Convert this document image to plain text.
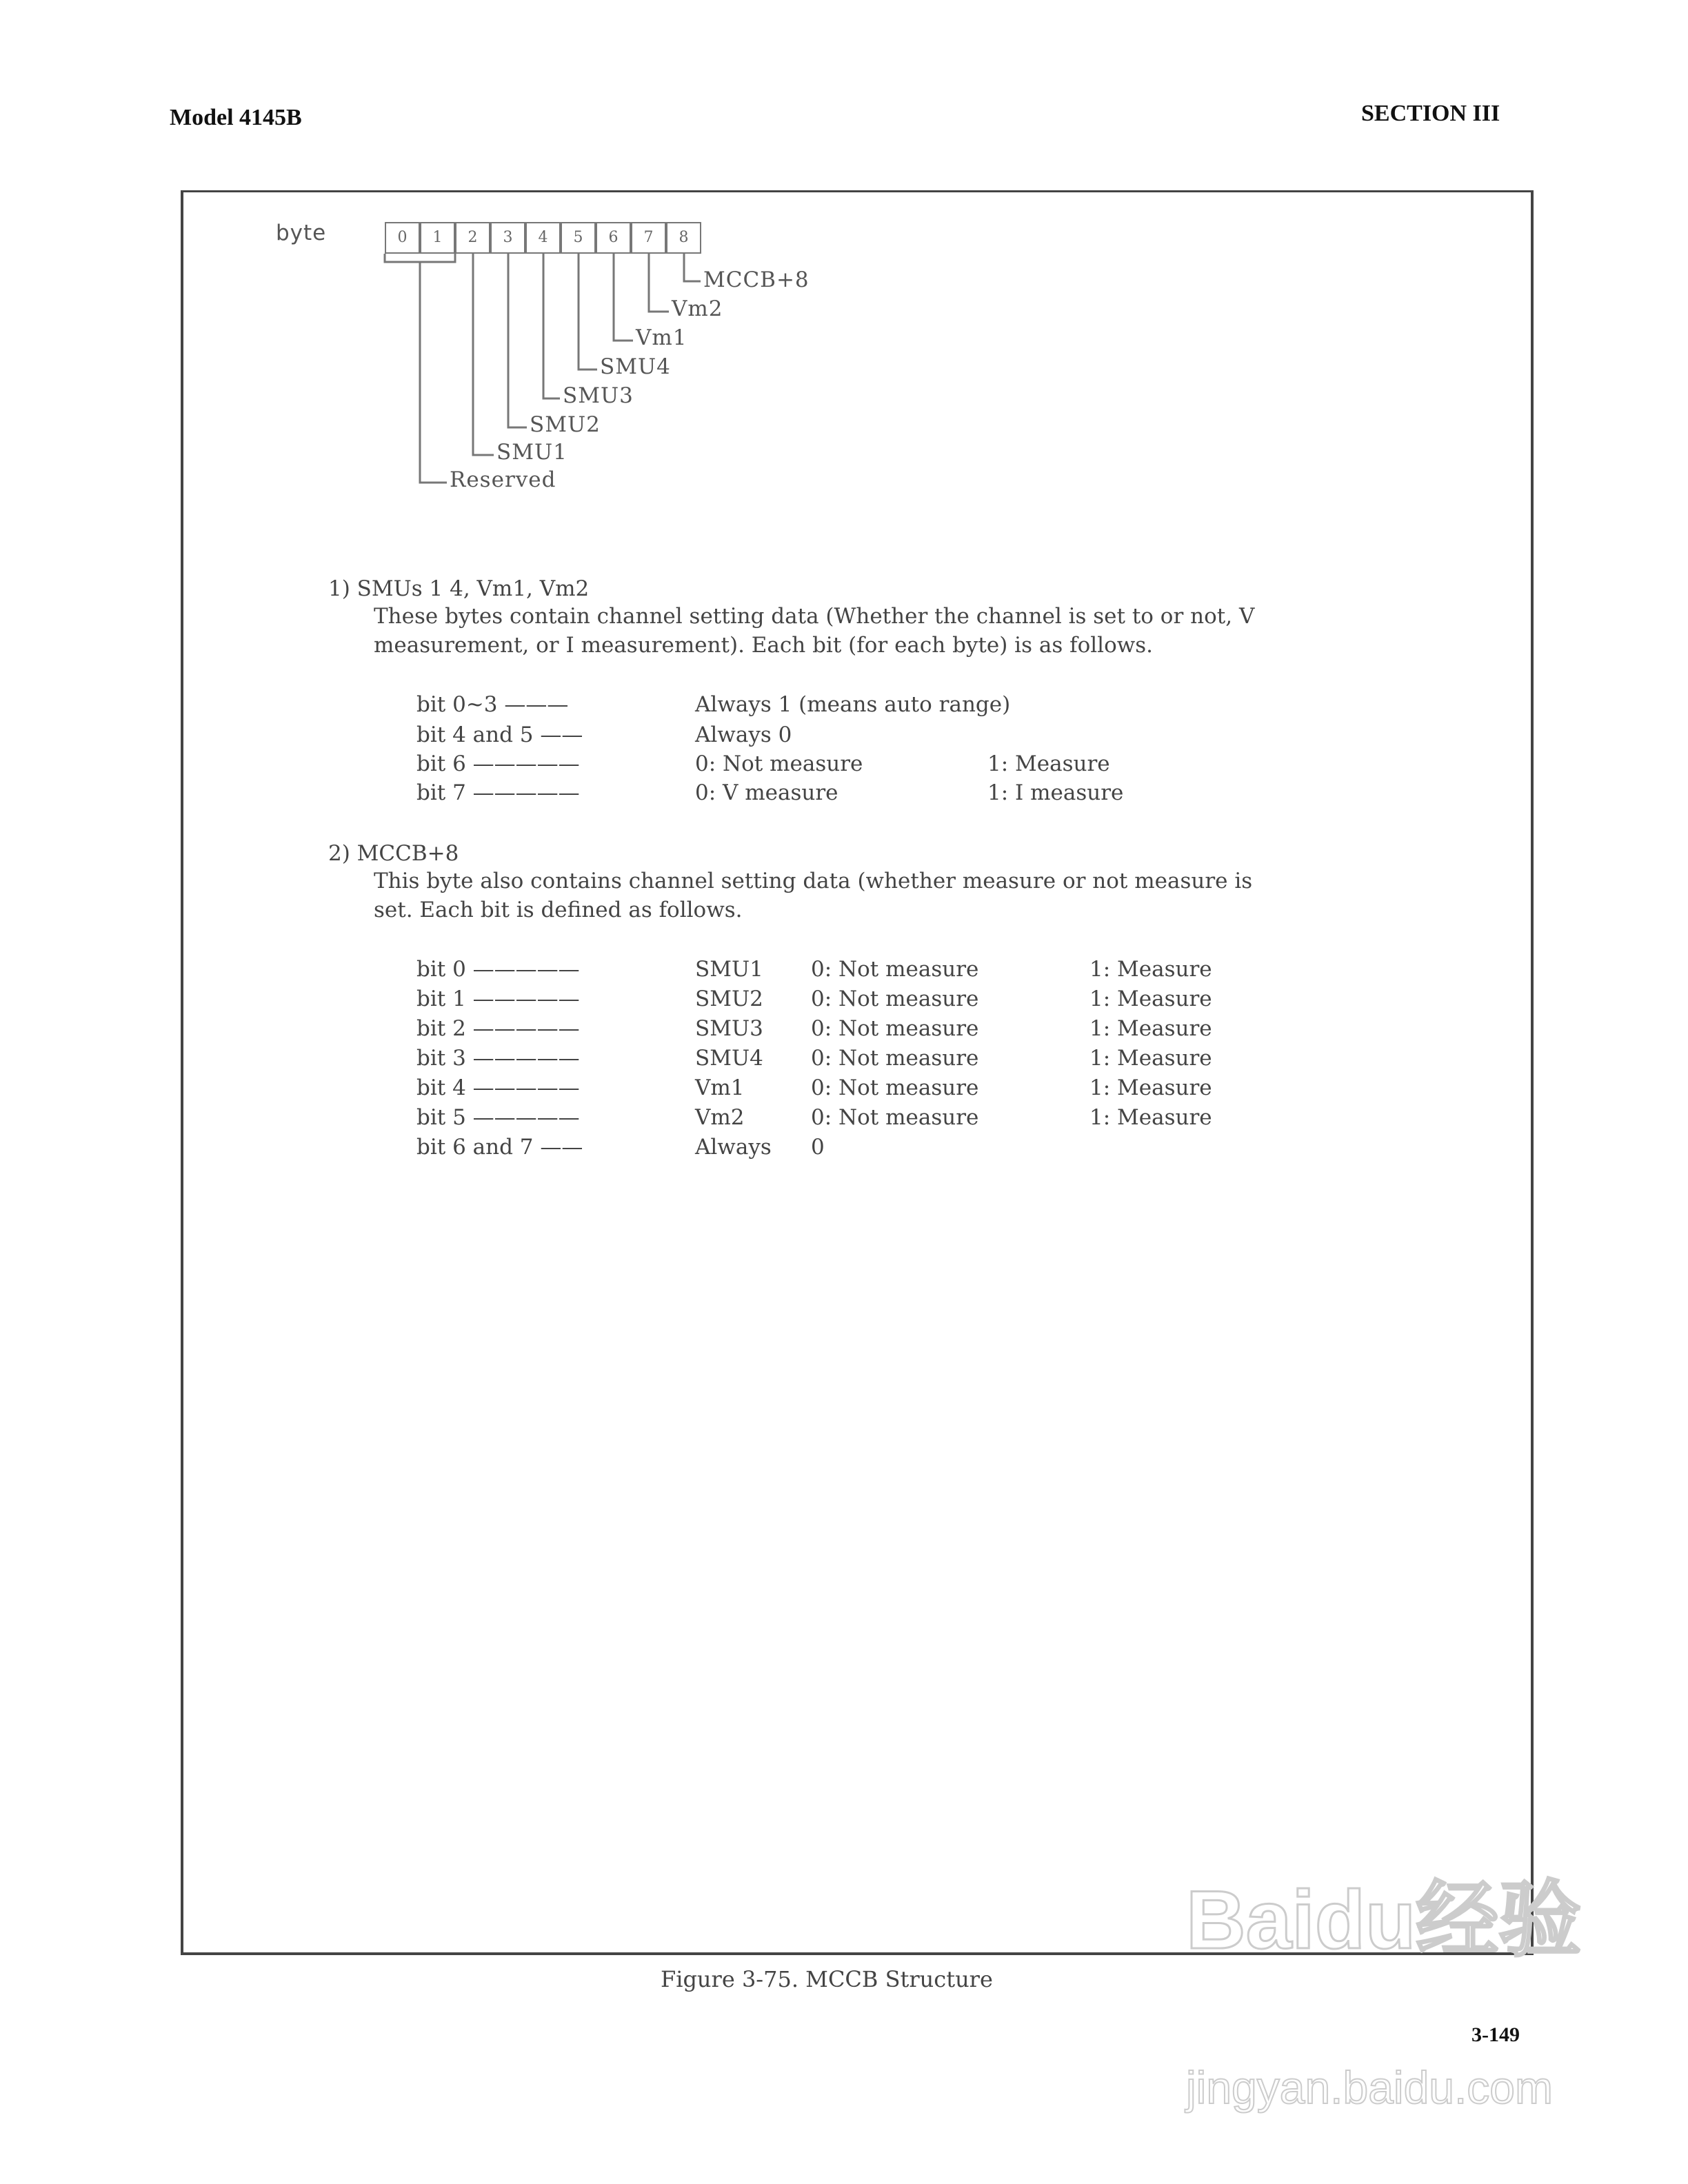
Model 4145B	SECTION III
byte	0	1	2	3	4	5	6	7	8
MCCB+8
Vm2
Vm1
SMU4
SMU3
SMU2
SMU1
Reserved
1) SMUs 1 4, Vm1, Vm2
These bytes contain channel setting data (Whether the channel is set to or not, V
measurement, or I measurement). Each bit (for each byte) is as follows.
bit 0~3 ———	Always 1 (means auto range)
bit 4 and 5 ——	Always 0
bit 6 —————	0: Not measure	1: Measure
bit 7 —————	0: V measure	1: I measure
2) MCCB+8
This byte also contains channel setting data (whether measure or not measure is
set. Each bit is defined as follows.
bit 0 —————	SMU1 0: Not measure	1: Measure
bit 1 —————	SMU2 0: Not measure	1: Measure
bit 2 —————	SMU3 0: Not measure	1: Measure
bit 3 —————	SMU4 0: Not measure	1: Measure
bit 4 —————	Vm1	0: Not measure	1: Measure
bit 5 —————	Vm2	0: Not measure	1: Measure
bit 6 and 7 ——	Always 0
Figure 3-75. MCCB Structure
Baidu经验
3-149
jingyan.baidu.com
